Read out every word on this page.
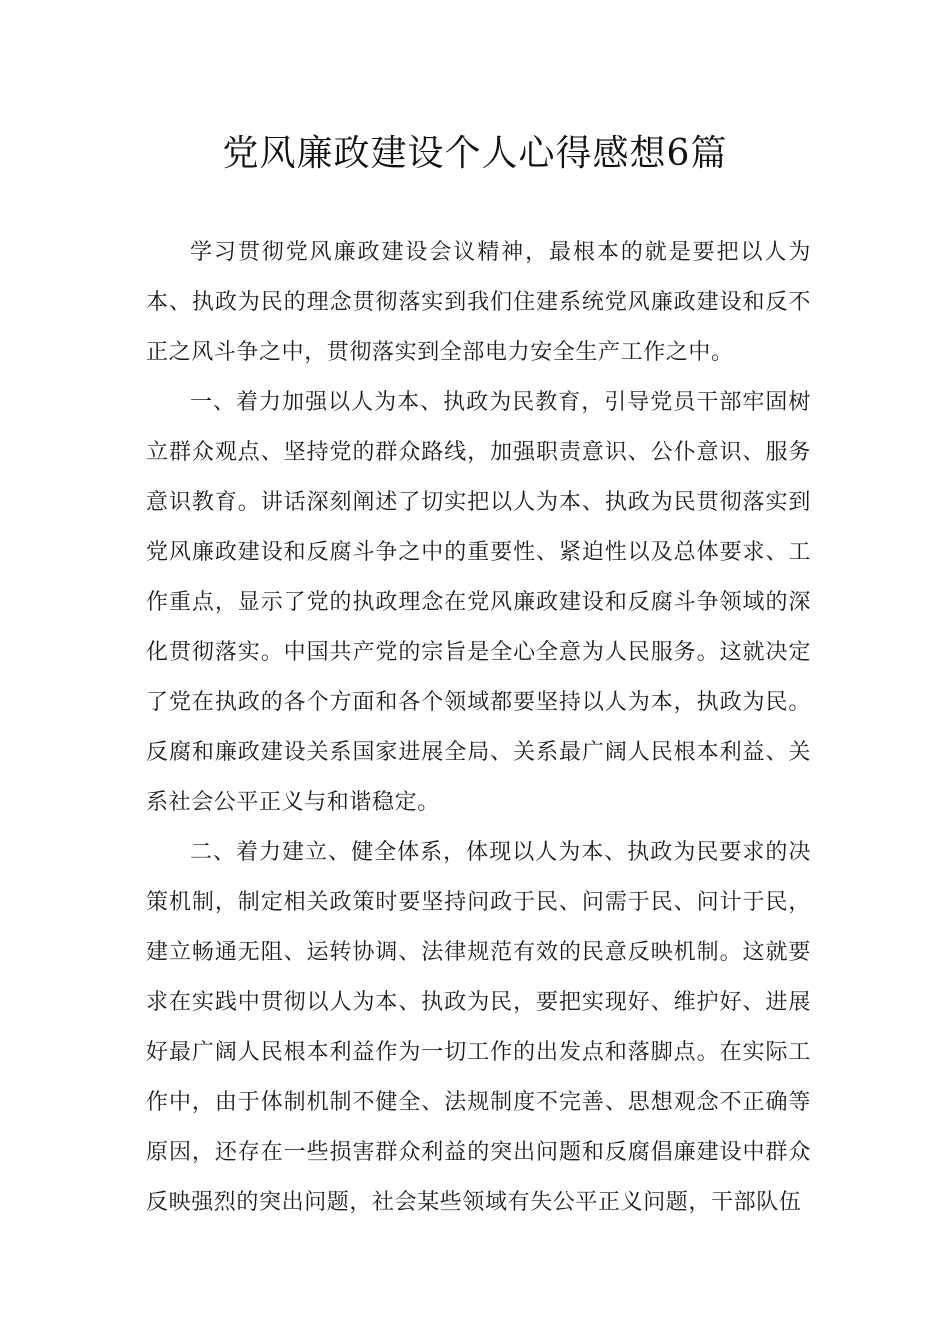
党风廉政建设个人心得感想6篇

学习贯彻党风廉政建设会议精神，最根本的就是要把以人为本、执政为民的理念贯彻落实到我们住建系统党风廉政建设和反不正之风斗争之中，贯彻落实到全部电力安全生产工作之中。

一、着力加强以人为本、执政为民教育，引导党员干部牢固树立群众观点、坚持党的群众路线，加强职责意识、公仆意识、服务意识教育。讲话深刻阐述了切实把以人为本、执政为民贯彻落实到党风廉政建设和反腐斗争之中的重要性、紧迫性以及总体要求、工作重点，显示了党的执政理念在党风廉政建设和反腐斗争领域的深化贯彻落实。中国共产党的宗旨是全心全意为人民服务。这就决定了党在执政的各个方面和各个领域都要坚持以人为本，执政为民。反腐和廉政建设关系国家进展全局、关系最广阔人民根本利益、关系社会公平正义与和谐稳定。

二、着力建立、健全体系，体现以人为本、执政为民要求的决策机制，制定相关政策时要坚持问政于民、问需于民、问计于民，建立畅通无阻、运转协调、法律规范有效的民意反映机制。这就要求在实践中贯彻以人为本、执政为民，要把实现好、维护好、进展好最广阔人民根本利益作为一切工作的出发点和落脚点。在实际工作中，由于体制机制不健全、法规制度不完善、思想观念不正确等原因，还存在一些损害群众利益的突出问题和反腐倡廉建设中群众反映强烈的突出问题，社会某些领域有失公平正义问题，干部队伍
